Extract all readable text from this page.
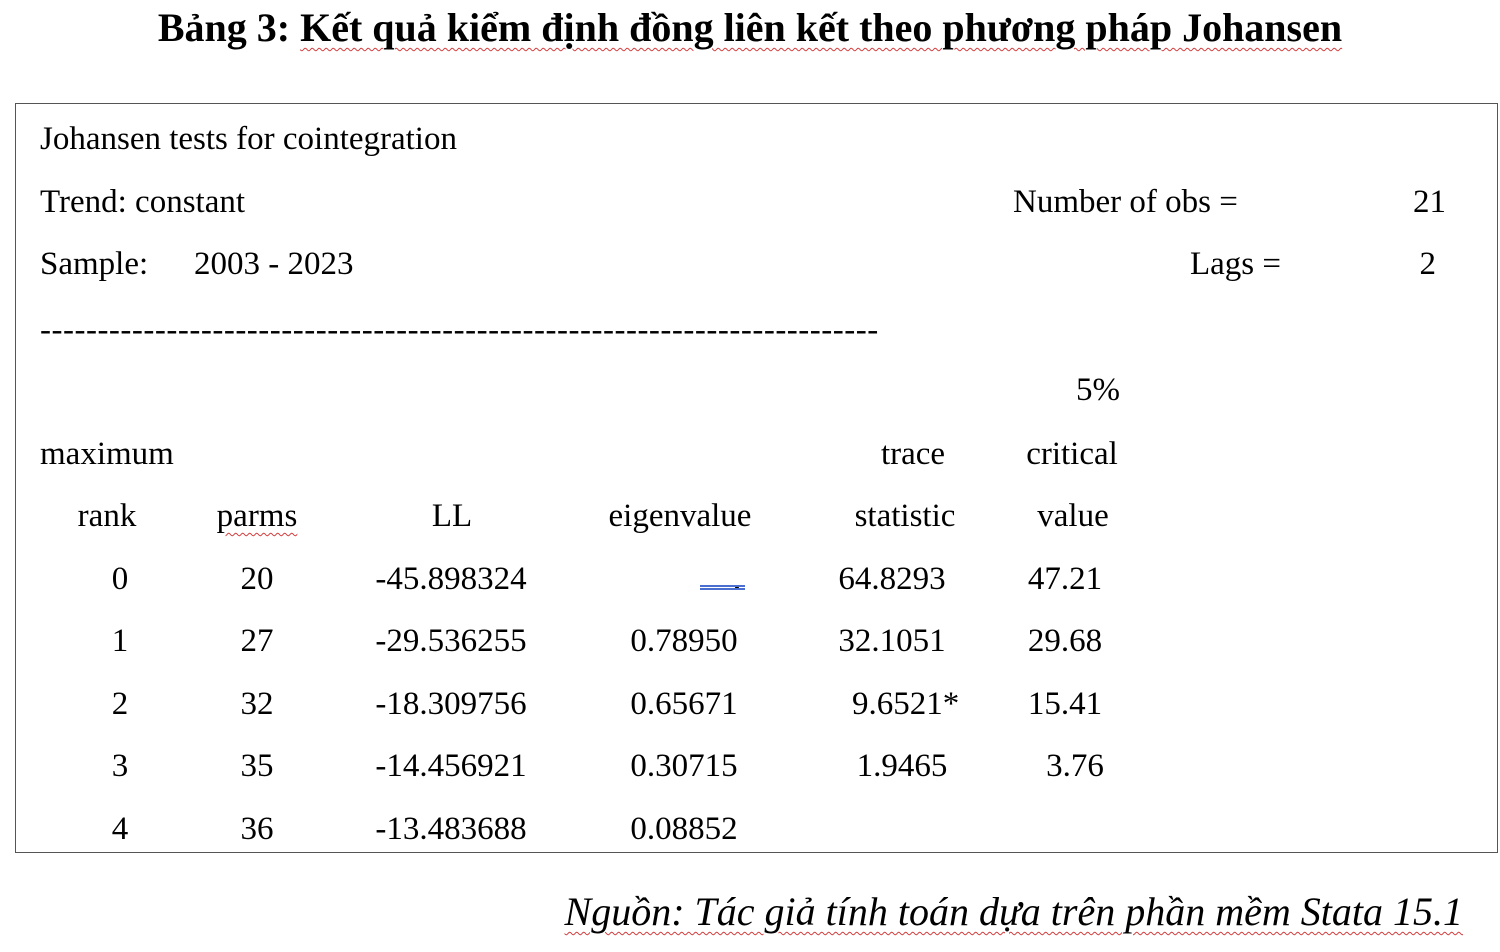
Bảng 3: Kết quả kiểm định đồng liên kết theo phương pháp Johansen
Johansen tests for cointegration
Trend: constant	Number of obs =	21
Sample: 2003 - 2023	Lags =	2
-------------------------------------------------------------------------
5%
maximum	trace critical
rank parms	LL	eigenvalue	statistic value
0	20	-45.898324	.	64.8293 47.21
1	27	-29.536255	0.78950	32.1051 29.68
2	32	-18.309756	0.65671	9.6521* 15.41
3	35	-14.456921	0.30715	1.9465	3.76
4	36	-13.483688	0.08852
Nguồn: Tác giả tính toán dựa trên phần mềm Stata 15.1
